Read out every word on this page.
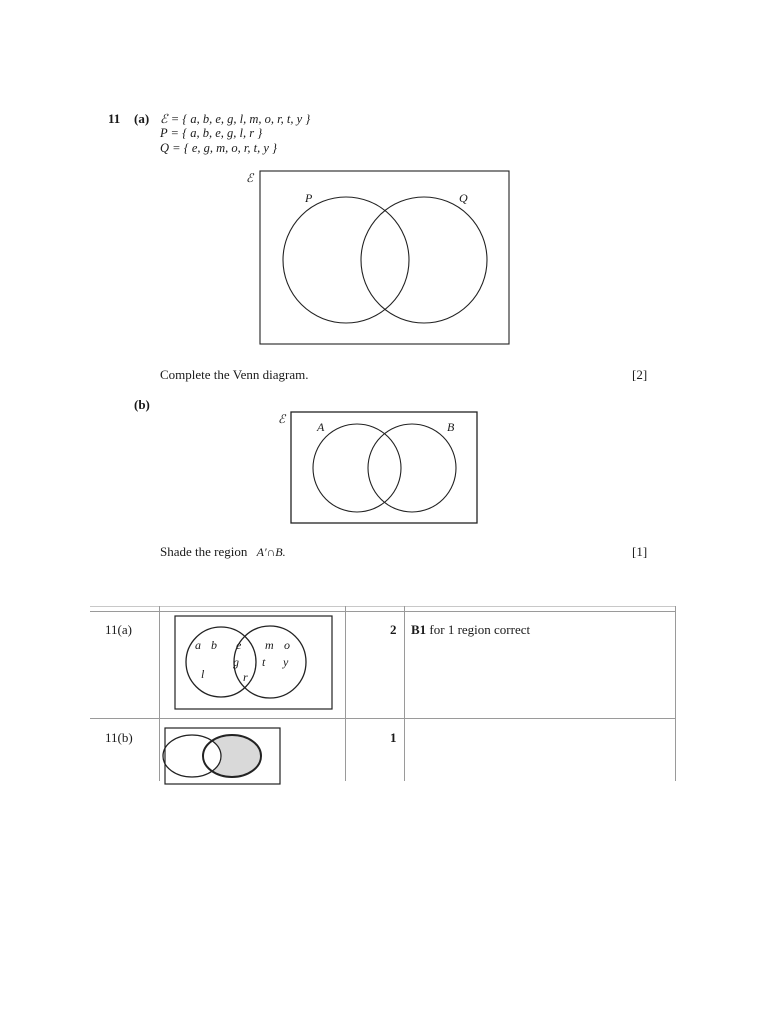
11 (a) ℰ = { a, b, e, g, l, m, o, r, t, y }
P = { a, b, e, g, l, r }
Q = { e, g, m, o, r, t, y }
ℰ
P	Q
Complete the Venn diagram.	[2]
(b)
ℰ
A	B
Shade the region A′∩B.	[1]
11(a)
a b
l
e
g
r
m o
t y
2 B1 for 1 region correct
11(b)	1
